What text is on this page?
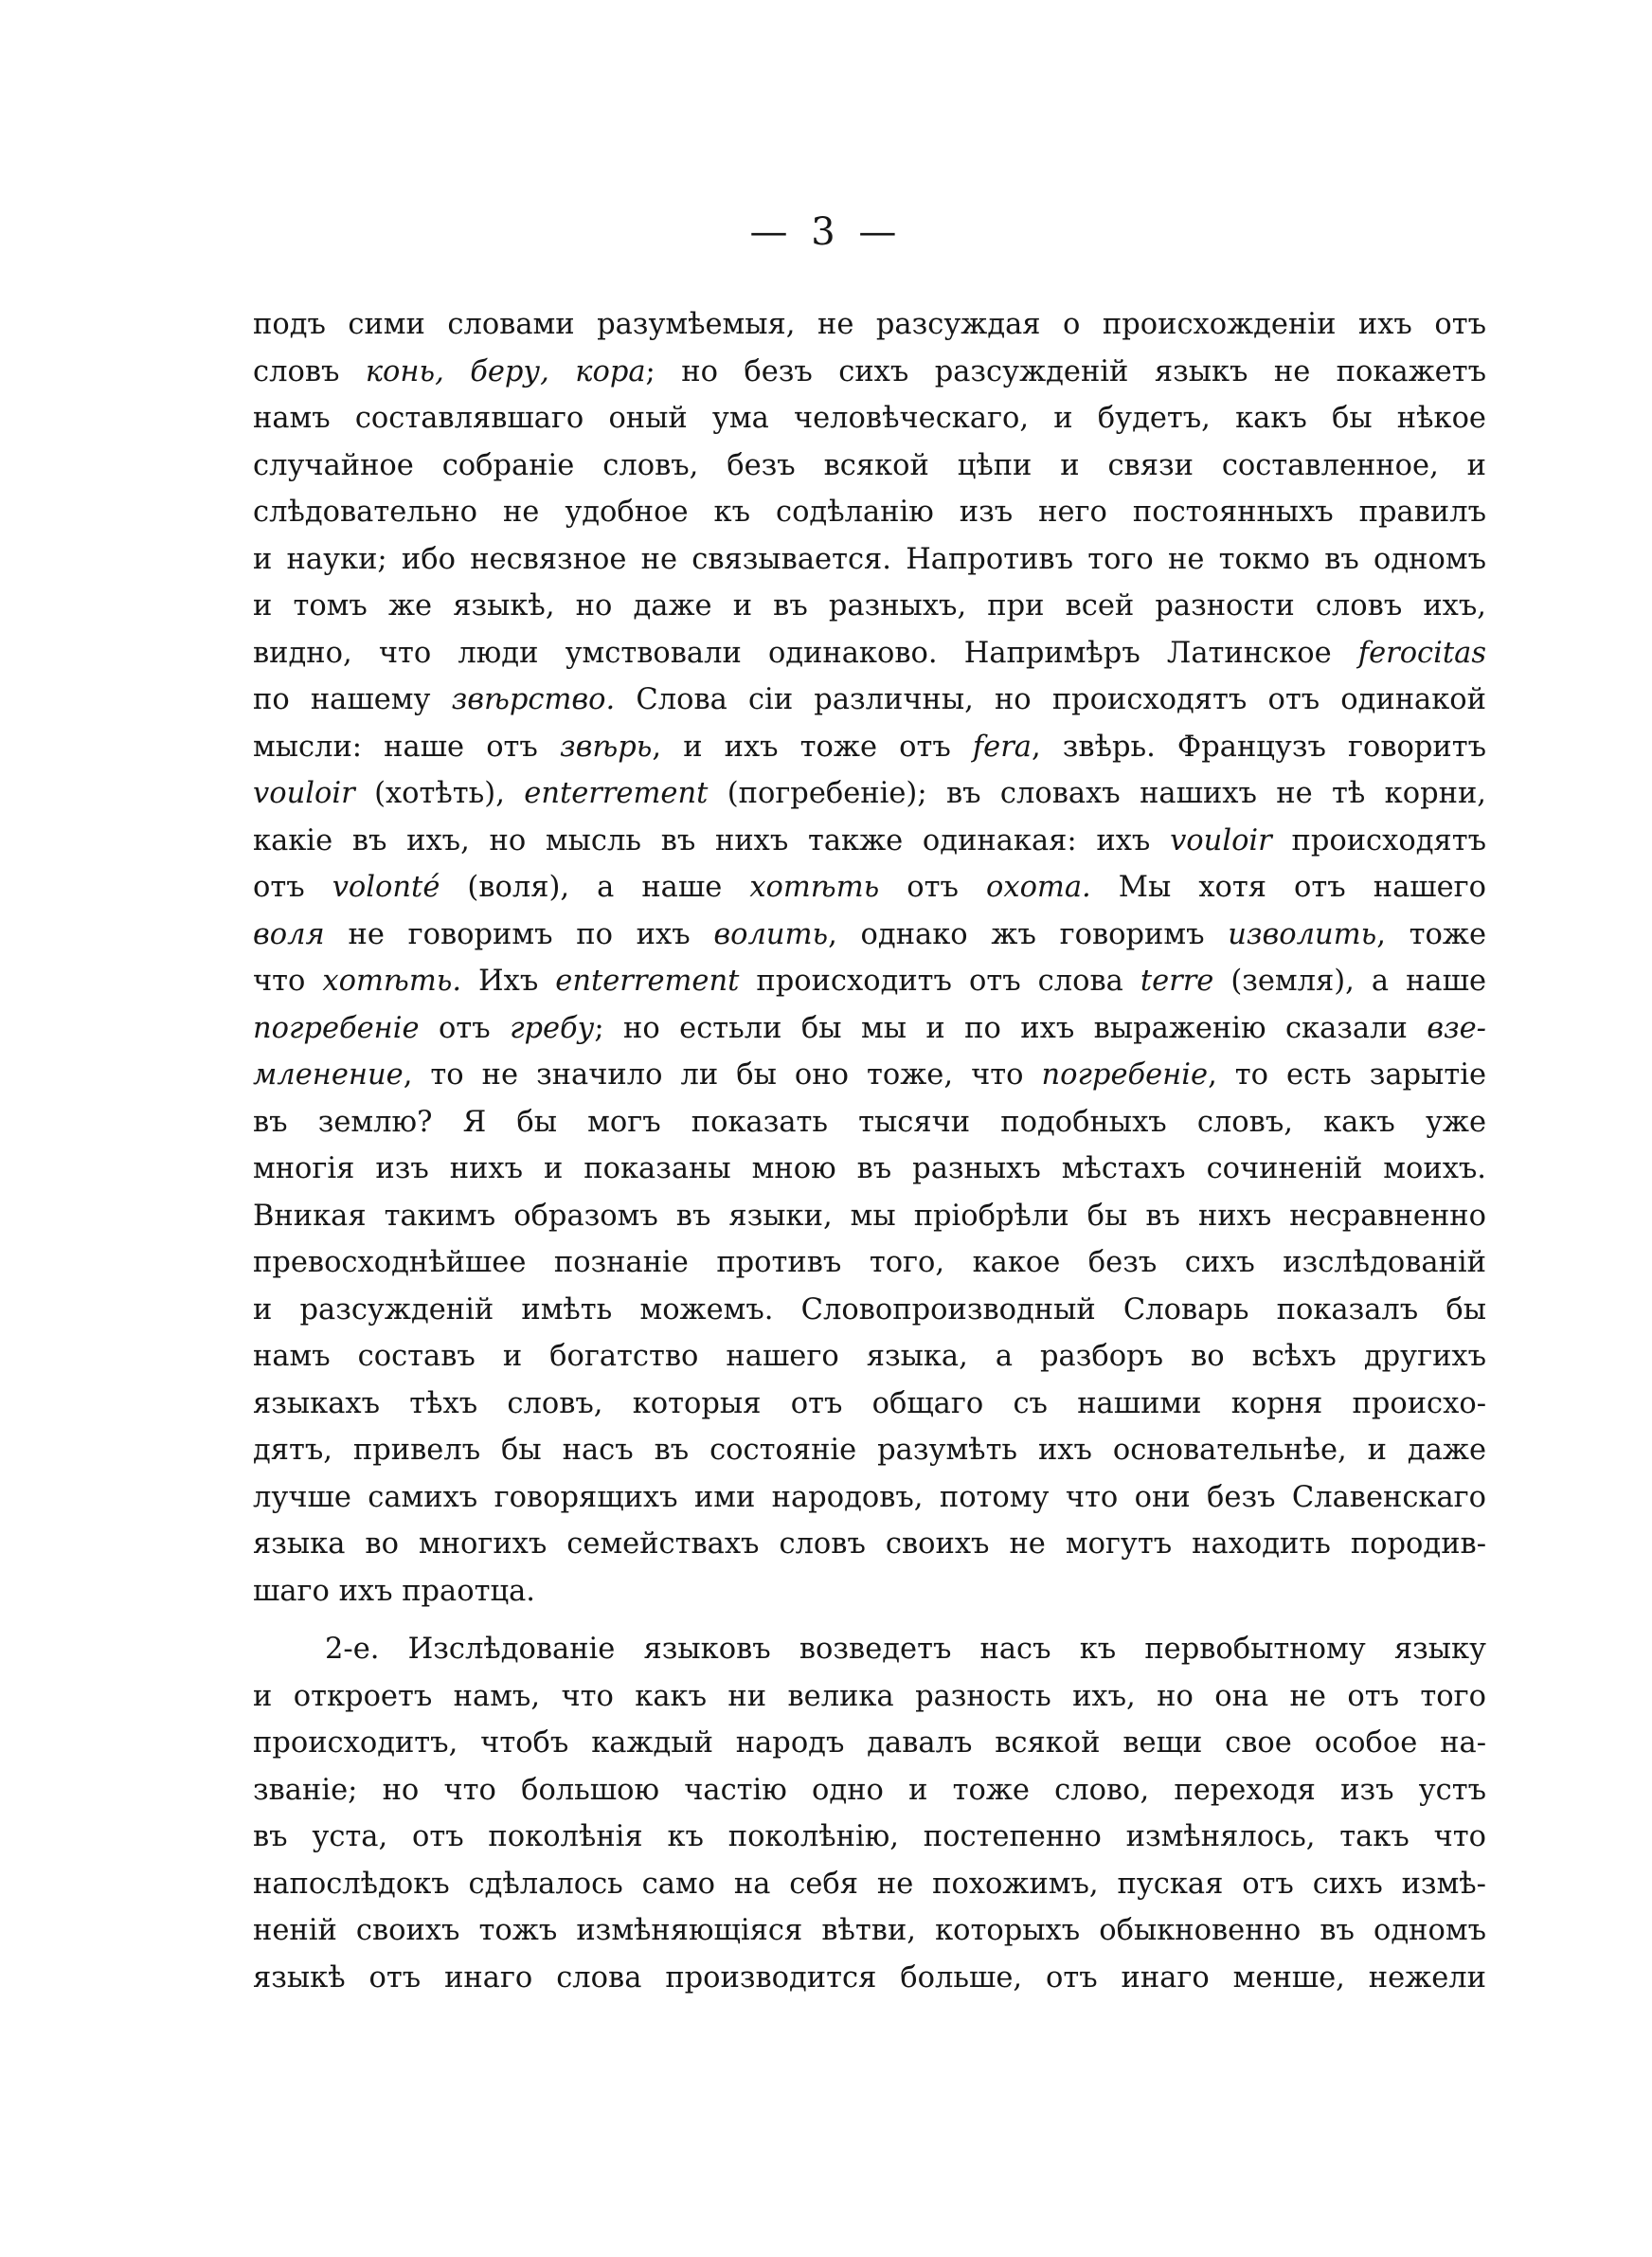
— 3 —
подъ сими словами разумѣемыя, не разсуждая о происхожденіи ихъ отъ
словъ конь, беру, кора; но безъ сихъ разсужденій языкъ не покажетъ
намъ составлявшаго оный ума человѣческаго, и будетъ, какъ бы нѣкое
случайное собраніе словъ, безъ всякой цѣпи и связи составленное, и
слѣдовательно не удобное къ содѣланію изъ него постоянныхъ правилъ
и науки; ибо несвязное не связывается. Напротивъ того не токмо въ одномъ
и томъ же языкѣ, но даже и въ разныхъ, при всей разности словъ ихъ,
видно, что люди умствовали одинаково. Напримѣръ Латинское ferocitas
по нашему звѣрство. Слова сіи различны, но происходятъ отъ одинакой
мысли: наше отъ звѣрь, и ихъ тоже отъ fera, звѣрь. Французъ говоритъ
vouloir (хотѣть), enterrement (погребеніе); въ словахъ нашихъ не тѣ корни,
какіе въ ихъ, но мысль въ нихъ также одинакая: ихъ vouloir происходятъ
отъ volonté (воля), а наше хотѣть отъ охота. Мы хотя отъ нашего
воля не говоримъ по ихъ волить, однако жъ говоримъ изволить, тоже
что хотѣть. Ихъ enterrement происходитъ отъ слова terre (земля), а наше
погребеніе отъ гребу; но естьли бы мы и по ихъ выраженію сказали взе-
мленение, то не значило ли бы оно тоже, что погребеніе, то есть зарытіе
въ землю? Я бы могъ показать тысячи подобныхъ словъ, какъ уже
многія изъ нихъ и показаны мною въ разныхъ мѣстахъ сочиненій моихъ.
Вникая такимъ образомъ въ языки, мы пріобрѣли бы въ нихъ несравненно
превосходнѣйшее познаніе противъ того, какое безъ сихъ изслѣдованій
и разсужденій имѣть можемъ. Словопроизводный Словарь показалъ бы
намъ составъ и богатство нашего языка, а разборъ во всѣхъ другихъ
языкахъ тѣхъ словъ, которыя отъ общаго съ нашими корня происхо-
дятъ, привелъ бы насъ въ состояніе разумѣть ихъ основательнѣе, и даже
лучше самихъ говорящихъ ими народовъ, потому что они безъ Славенскаго
языка во многихъ семействахъ словъ своихъ не могутъ находить породив-
шаго ихъ праотца.
2-е. Изслѣдованіе языковъ возведетъ насъ къ первобытному языку
и откроетъ намъ, что какъ ни велика разность ихъ, но она не отъ того
происходитъ, чтобъ каждый народъ давалъ всякой вещи свое особое на-
званіе; но что большою частію одно и тоже слово, переходя изъ устъ
въ уста, отъ поколѣнія къ поколѣнію, постепенно измѣнялось, такъ что
напослѣдокъ сдѣлалось само на себя не похожимъ, пуская отъ сихъ измѣ-
неній своихъ тожъ измѣняющіяся вѣтви, которыхъ обыкновенно въ одномъ
языкѣ отъ инаго слова производится больше, отъ инаго менше, нежели
